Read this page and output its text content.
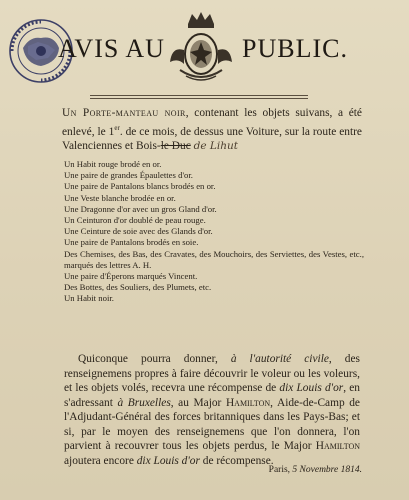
AVIS AU	PUBLIC.
Un Porte-manteau noir, contenant les objets suivans, a été enlevé, le 1er. de ce mois, de dessus une Voiture, sur la route entre Valenciennes et Bois-le Duc de Lihut
Un Habit rouge brodé en or.
Une paire de grandes Épaulettes d'or.
Une paire de Pantalons blancs brodés en or.
Une Veste blanche brodée en or.
Une Dragonne d'or avec un gros Gland d'or.
Un Ceinturon d'or doublé de peau rouge.
Une Ceinture de soie avec des Glands d'or.
Une paire de Pantalons brodés en soie.
Des Chemises, des Bas, des Cravates, des Mouchoirs, des Serviettes, des Vestes, etc., marqués des lettres A. H.
Une paire d'Éperons marqués Vincent.
Des Bottes, des Souliers, des Plumets, etc.
Un Habit noir.
Quiconque pourra donner, à l'autorité civile, des renseignemens propres à faire découvrir le voleur ou les voleurs, et les objets volés, recevra une récompense de dix Louis d'or, en s'adressant à Bruxelles, au Major Hamilton, Aide-de-Camp de l'Adjudant-Général des forces britanniques dans les Pays-Bas; et si, par le moyen des renseignemens que l'on donnera, l'on parvient à recouvrer tous les objets perdus, le Major Hamilton ajoutera encore dix Louis d'or de récompense.
Paris, 5 Novembre 1814.
